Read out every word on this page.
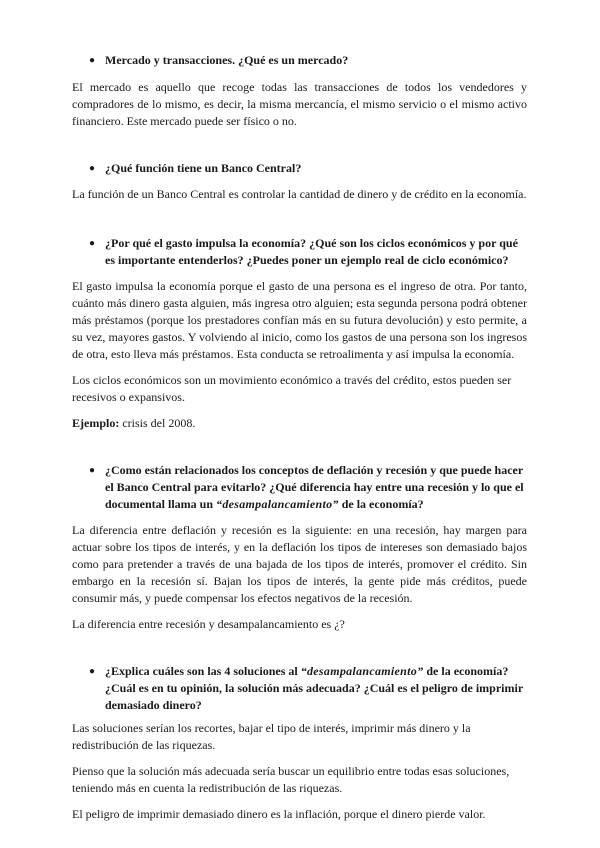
● Mercado y transacciones. ¿Qué es un mercado?
El mercado es aquello que recoge todas las transacciones de todos los vendedores y compradores de lo mismo, es decir, la misma mercancía, el mismo servicio o el mismo activo financiero. Este mercado puede ser físico o no.
● ¿Qué función tiene un Banco Central?
La función de un Banco Central es controlar la cantidad de dinero y de crédito en la economía.
● ¿Por qué el gasto impulsa la economía? ¿Qué son los ciclos económicos y por qué es importante entenderlos? ¿Puedes poner un ejemplo real de ciclo económico?
El gasto impulsa la economía porque el gasto de una persona es el ingreso de otra. Por tanto, cuánto más dinero gasta alguien, más ingresa otro alguien; esta segunda persona podrá obtener más préstamos (porque los prestadores confían más en su futura devolución) y esto permite, a su vez, mayores gastos. Y volviendo al inicio, como los gastos de una persona son los ingresos de otra, esto lleva más préstamos. Esta conducta se retroalimenta y así impulsa la economía.
Los ciclos económicos son un movimiento económico a través del crédito, estos pueden ser recesivos o expansivos.
Ejemplo: crisis del 2008.
● ¿Como están relacionados los conceptos de deflación y recesión y que puede hacer el Banco Central para evitarlo? ¿Qué diferencia hay entre una recesión y lo que el documental llama un “desampalancamiento” de la economía?
La diferencia entre deflación y recesión es la siguiente: en una recesión, hay margen para actuar sobre los tipos de interés, y en la deflación los tipos de intereses son demasiado bajos como para pretender a través de una bajada de los tipos de interés, promover el crédito. Sin embargo en la recesión sí. Bajan los tipos de interés, la gente pide más créditos, puede consumir más, y puede compensar los efectos negativos de la recesión.
La diferencia entre recesión y desampalancamiento es ¿?
● ¿Explica cuáles son las 4 soluciones al “desampalancamiento” de la economía? ¿Cuál es en tu opinión, la solución más adecuada? ¿Cuál es el peligro de imprimir demasiado dinero?
Las soluciones serían los recortes, bajar el tipo de interés, imprimir más dinero y la redistribución de las riquezas.
Pienso que la solución más adecuada sería buscar un equilibrio entre todas esas soluciones, teniendo más en cuenta la redistribución de las riquezas.
El peligro de imprimir demasiado dinero es la inflación, porque el dinero pierde valor.
